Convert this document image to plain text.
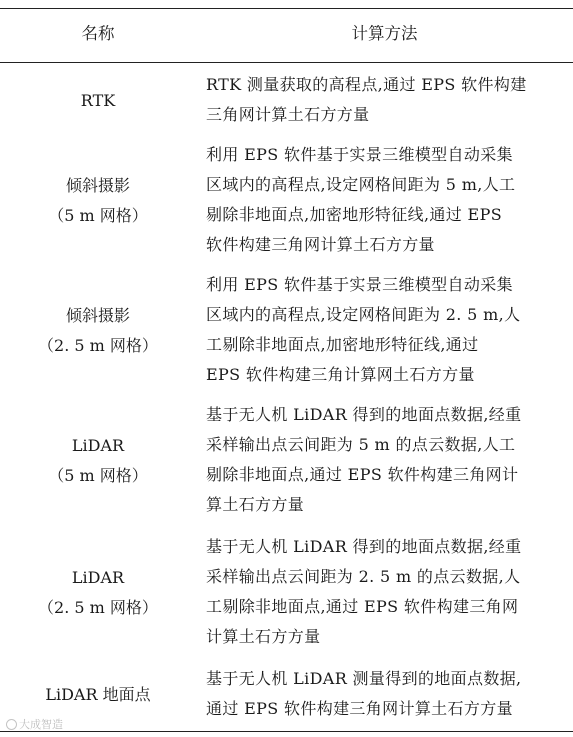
名称	计算方法
RTK
RTK 测量获取的高程点,通过 EPS 软件构建
三角网计算土石方方量
倾斜摄影
（5 m 网格）
利用 EPS 软件基于实景三维模型自动采集
区域内的高程点,设定网格间距为 5 m,人工
剔除非地面点,加密地形特征线,通过 EPS
软件构建三角网计算土石方方量
倾斜摄影
（2. 5 m 网格）
利用 EPS 软件基于实景三维模型自动采集
区域内的高程点,设定网格间距为 2. 5 m,人
工剔除非地面点,加密地形特征线,通过
EPS 软件构建三角计算网土石方方量
LiDAR
（5 m 网格）
基于无人机 LiDAR 得到的地面点数据,经重
采样输出点云间距为 5 m 的点云数据,人工
剔除非地面点,通过 EPS 软件构建三角网计
算土石方方量
LiDAR
（2. 5 m 网格）
基于无人机 LiDAR 得到的地面点数据,经重
采样输出点云间距为 2. 5 m 的点云数据,人
工剔除非地面点,通过 EPS 软件构建三角网
计算土石方方量
LiDAR 地面点
基于无人机 LiDAR 测量得到的地面点数据,
通过 EPS 软件构建三角网计算土石方方量
大成智造
